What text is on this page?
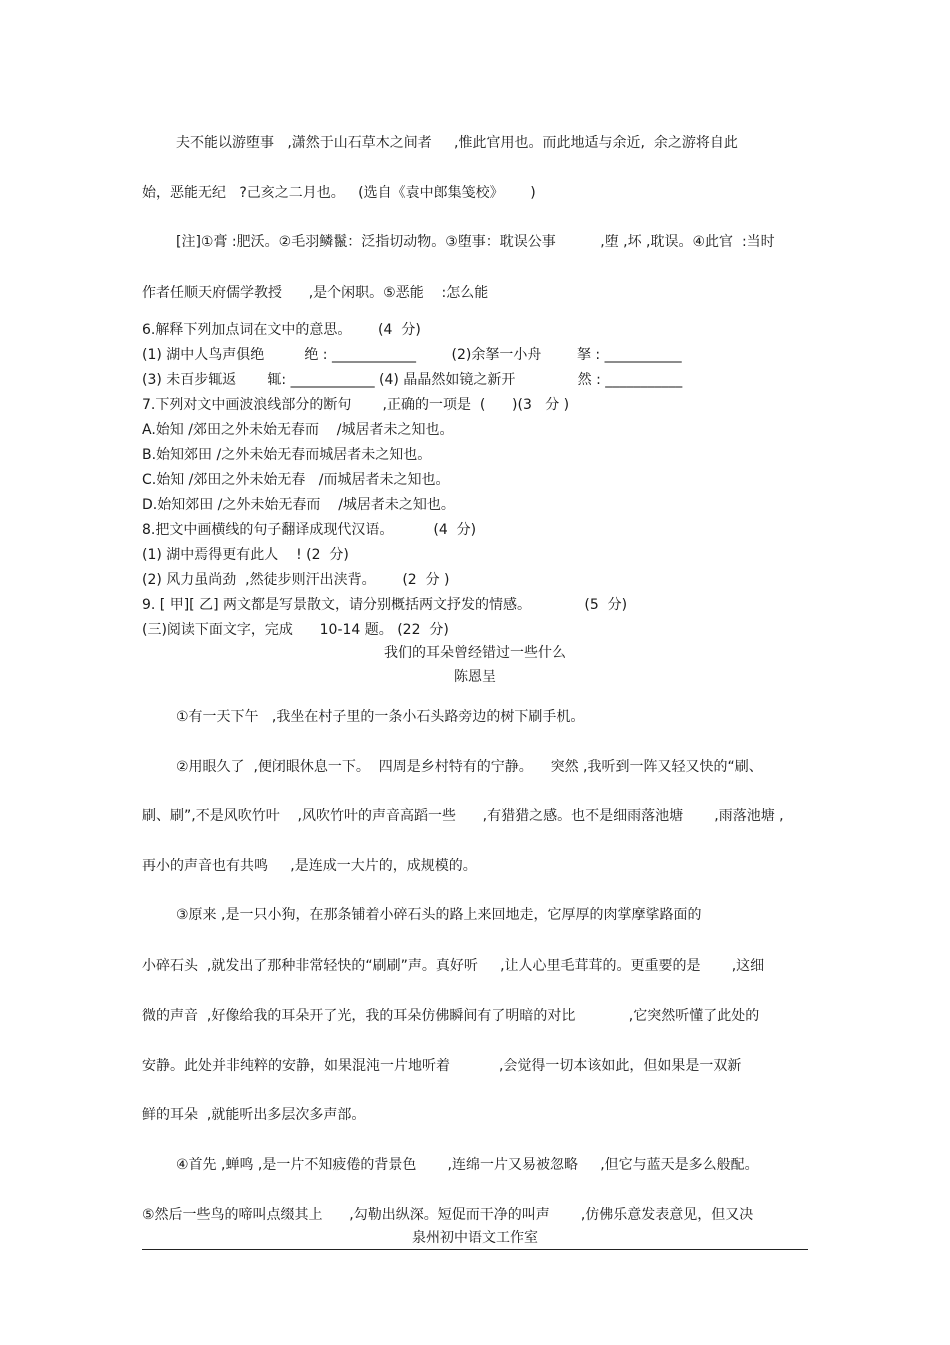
夫不能以游堕事   ,潇然于山石草木之间者     ,惟此官用也。而此地适与余近,  余之游将自此
始，恶能无纪   ?己亥之二月也。   (选自《袁中郎集笺校》      )
[注]①膏 :肥沃。②毛羽鳞鬣：泛指切动物。③堕事：耽误公事          ,堕 ,坏 ,耽误。④此官  :当时
作者任顺天府儒学教授      ,是个闲职。⑤恶能    :怎么能
6.解释下列加点词在文中的意思。      (4  分)
(1) 湖中人鸟声俱绝         绝 : ____________        (2)余拏一小舟        拏 : ___________
(3) 未百步辄返       辄: ____________ (4) 晶晶然如镜之新开              然 : ___________
7.下列对文中画波浪线部分的断句       ,正确的一项是  (      )(3   分 )
A.始知 /郊田之外未始无春而    /城居者未之知也。
B.始知郊田 /之外未始无春而城居者未之知也。
C.始知 /郊田之外未始无春   /而城居者未之知也。
D.始知郊田 /之外未始无春而    /城居者未之知也。
8.把文中画横线的句子翻译成现代汉语。         (4  分)
(1) 湖中焉得更有此人    ! (2  分)
(2) 风力虽尚劲  ,然徒步则汗出浃背。      (2  分 )
9. [ 甲][ 乙] 两文都是写景散文，请分别概括两文抒发的情感。            (5  分)
(三)阅读下面文字，完成      10-14 题。 (22  分)
我们的耳朵曾经错过一些什么
陈恩呈
①有一天下午   ,我坐在村子里的一条小石头路旁边的树下刷手机。
②用眼久了  ,便闭眼休息一下。  四周是乡村特有的宁静。    突然 ,我听到一阵又轻又快的“刷、
刷、刷”,不是风吹竹叶    ,风吹竹叶的声音高蹈一些      ,有猎猎之感。也不是细雨落池塘       ,雨落池塘 ,
再小的声音也有共鸣     ,是连成一大片的，成规模的。
③原来 ,是一只小狗，在那条铺着小碎石头的路上来回地走，它厚厚的肉掌摩挲路面的
小碎石头  ,就发出了那种非常轻快的“刷刷”声。真好听     ,让人心里毛茸茸的。更重要的是       ,这细
微的声音  ,好像给我的耳朵开了光，我的耳朵仿佛瞬间有了明暗的对比            ,它突然听懂了此处的
安静。此处并非纯粹的安静，如果混沌一片地听着           ,会觉得一切本该如此，但如果是一双新
鲜的耳朵  ,就能听出多层次多声部。
④首先 ,蝉鸣 ,是一片不知疲倦的背景色       ,连绵一片又易被忽略     ,但它与蓝天是多么般配。
⑤然后一些鸟的啼叫点缀其上      ,勾勒出纵深。短促而干净的叫声       ,仿佛乐意发表意见，但又决
泉州初中语文工作室
